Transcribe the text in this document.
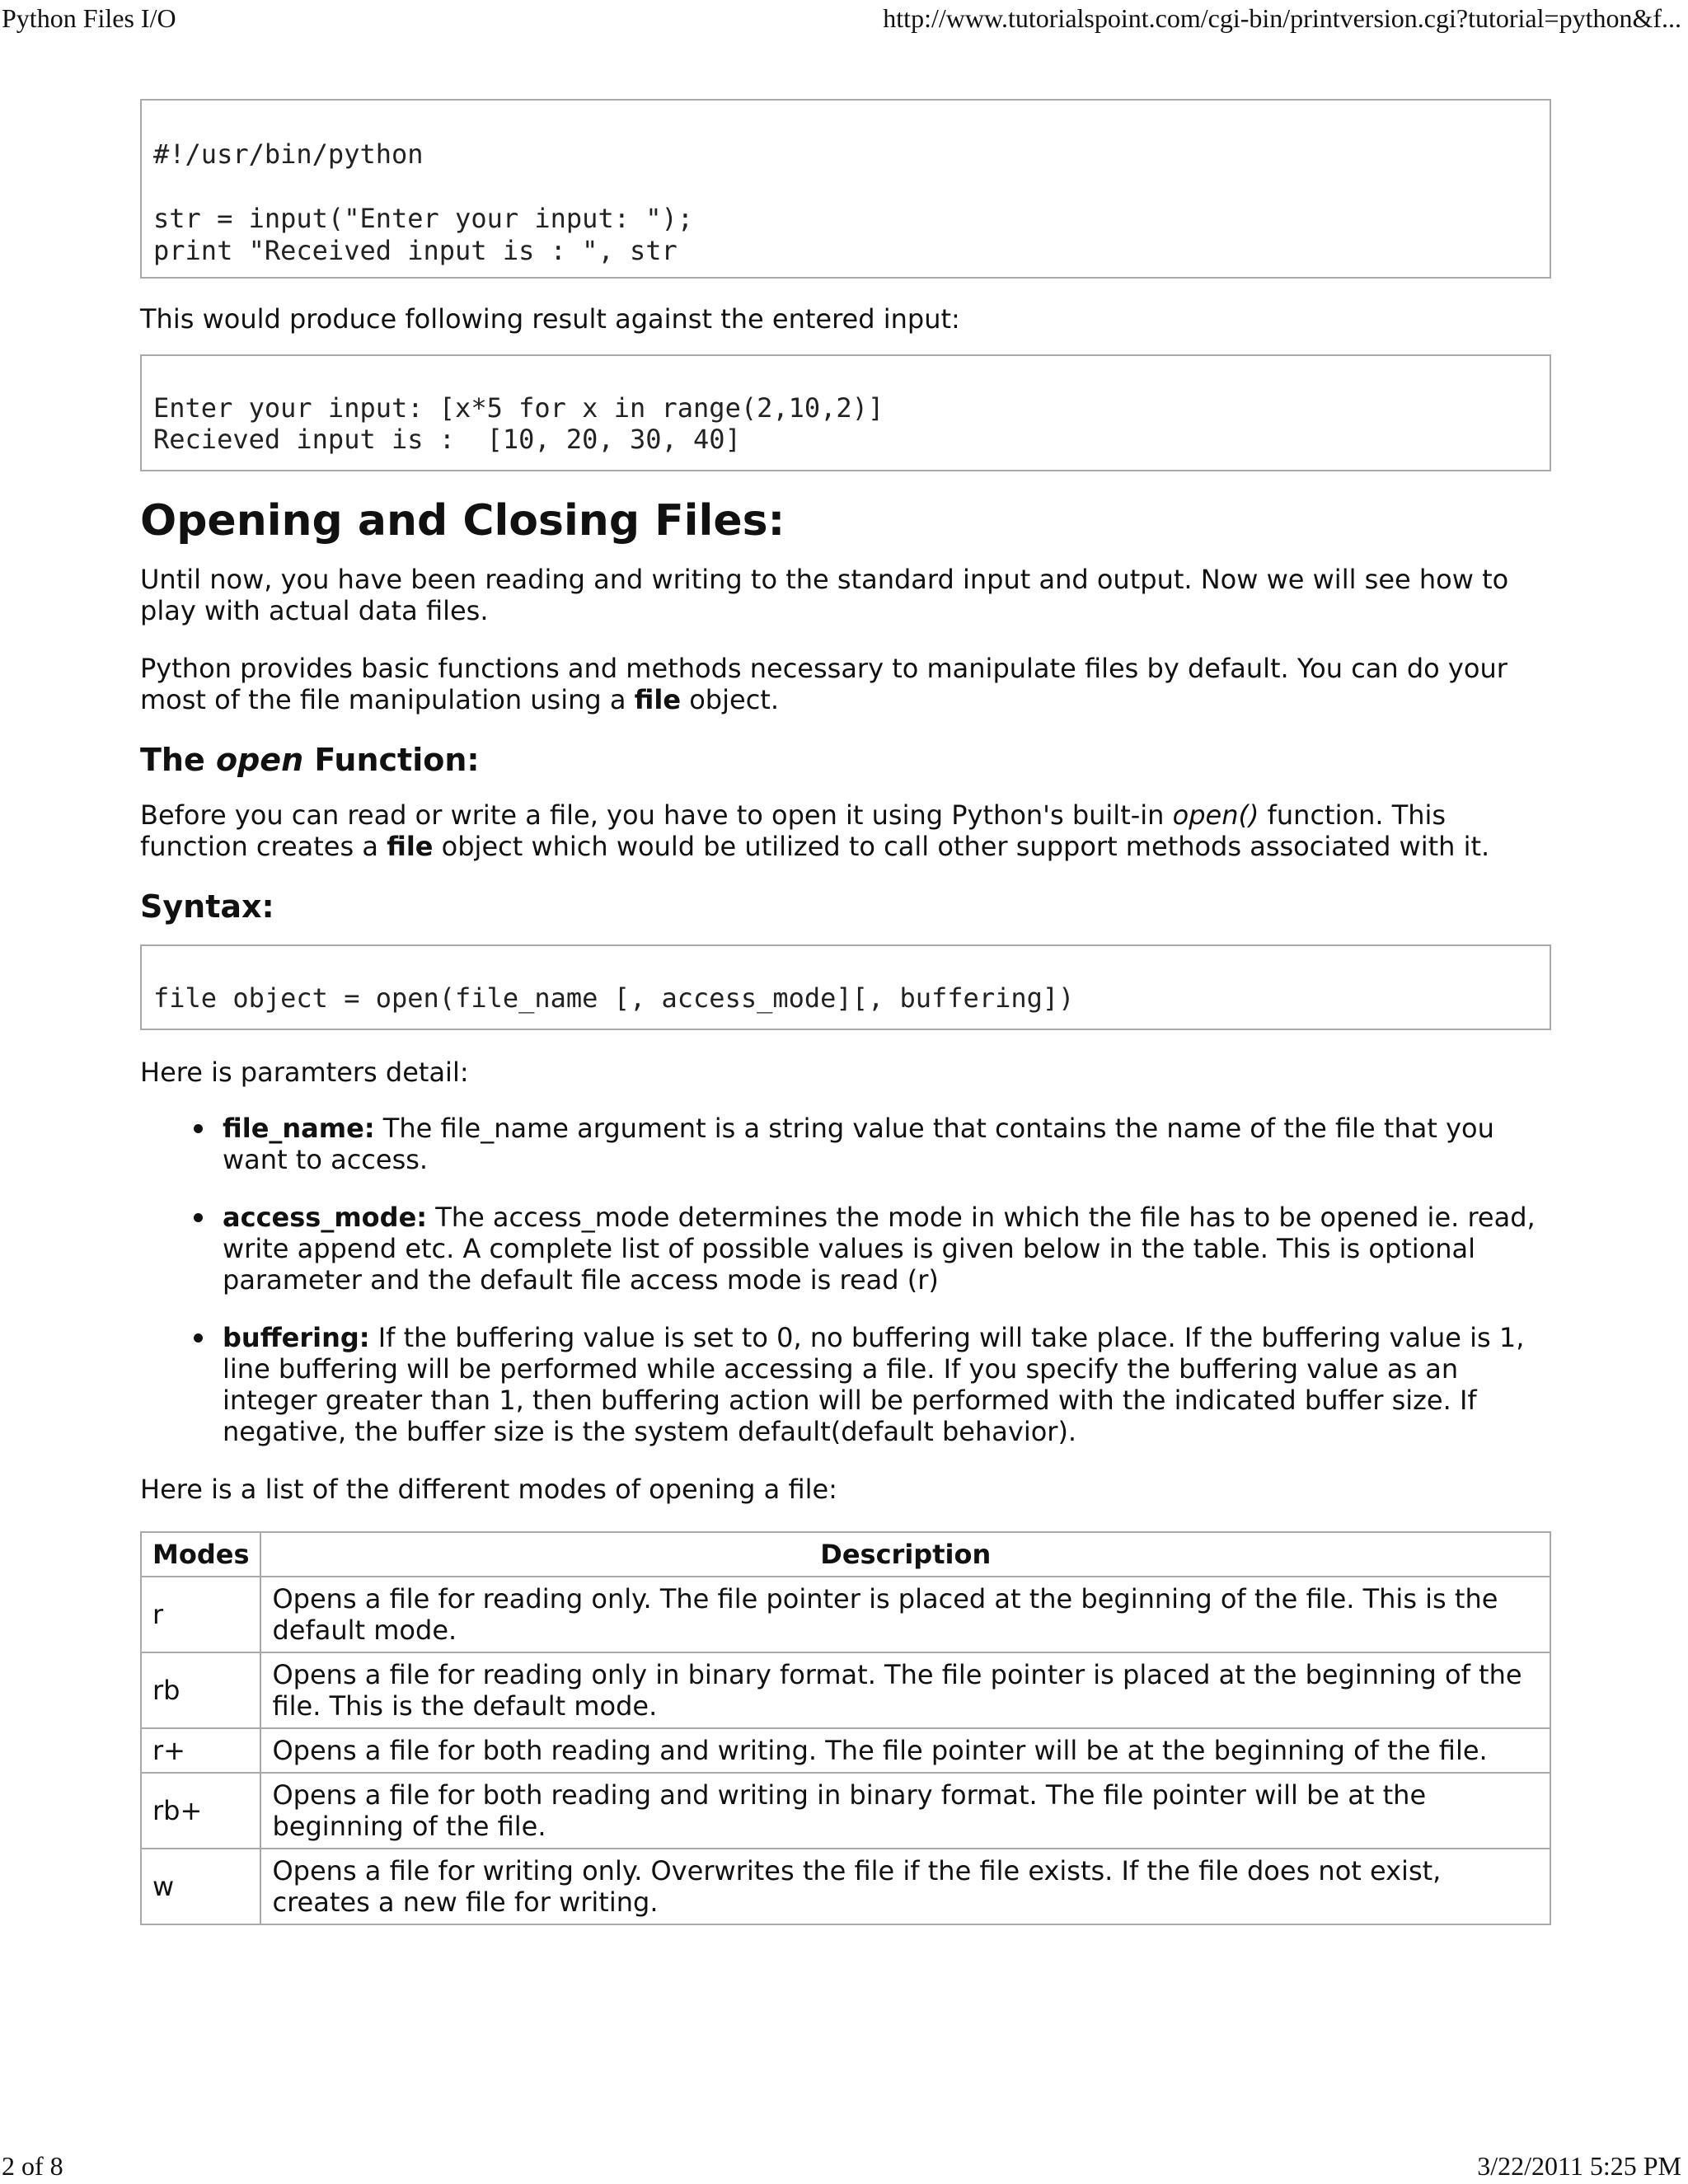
Python Files I/O	http://www.tutorialspoint.com/cgi-bin/printversion.cgi?tutorial=python&f...
#!/usr/bin/python

str = input("Enter your input: ");
print "Received input is : ", str

This would produce following result against the entered input:

Enter your input: [x*5 for x in range(2,10,2)]
Recieved input is :  [10, 20, 30, 40]
Opening and Closing Files:

Until now, you have been reading and writing to the standard input and output. Now we will see how to play with actual data files.

Python provides basic functions and methods necessary to manipulate files by default. You can do your most of the file manipulation using a file object.

The open Function:

Before you can read or write a file, you have to open it using Python's built-in open() function. This function creates a file object which would be utilized to call other support methods associated with it.

Syntax:
file object = open(file_name [, access_mode][, buffering])

Here is paramters detail:

file_name: The file_name argument is a string value that contains the name of the file that you want to access.
access_mode: The access_mode determines the mode in which the file has to be opened ie. read, write append etc. A complete list of possible values is given below in the table. This is optional parameter and the default file access mode is read (r)
buffering: If the buffering value is set to 0, no buffering will take place. If the buffering value is 1, line buffering will be performed while accessing a file. If you specify the buffering value as an integer greater than 1, then buffering action will be performed with the indicated buffer size. If negative, the buffer size is the system default(default behavior).

Here is a list of the different modes of opening a file:

Modes	Description
r	Opens a file for reading only. The file pointer is placed at the beginning of the file. This is the default mode.
rb	Opens a file for reading only in binary format. The file pointer is placed at the beginning of the file. This is the default mode.
r+	Opens a file for both reading and writing. The file pointer will be at the beginning of the file.
rb+	Opens a file for both reading and writing in binary format. The file pointer will be at the beginning of the file.
w	Opens a file for writing only. Overwrites the file if the file exists. If the file does not exist, creates a new file for writing.
2 of 8	3/22/2011 5:25 PM
